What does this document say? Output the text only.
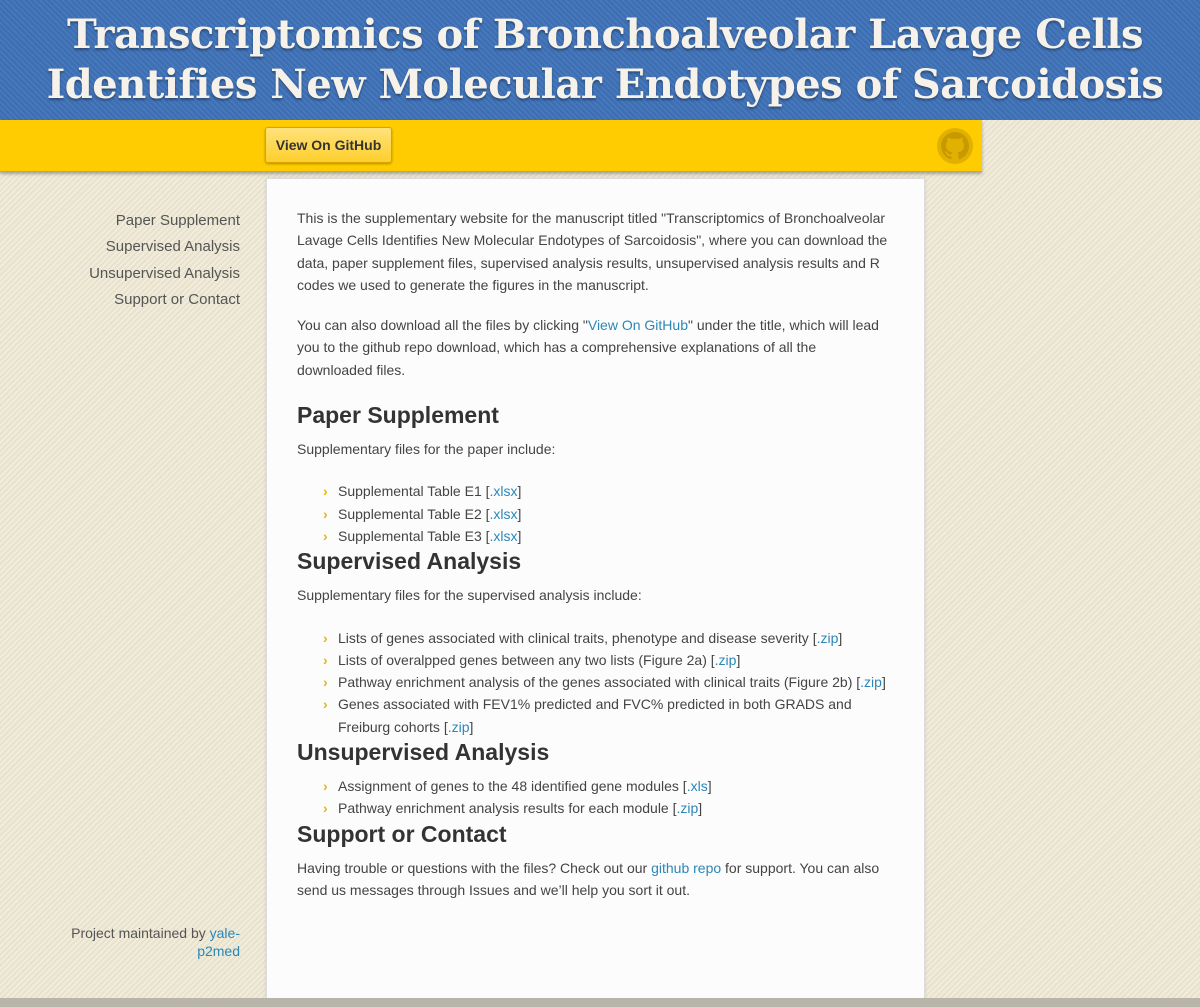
Transcriptomics of Bronchoalveolar Lavage Cells Identifies New Molecular Endotypes of Sarcoidosis
View On GitHub
Paper Supplement
Supervised Analysis
Unsupervised Analysis
Support or Contact
Project maintained by yale-p2med

This is the supplementary website for the manuscript titled "Transcriptomics of Bronchoalveolar Lavage Cells Identifies New Molecular Endotypes of Sarcoidosis", where you can download the data, paper supplement files, supervised analysis results, unsupervised analysis results and R codes we used to generate the figures in the manuscript.

You can also download all the files by clicking "View On GitHub" under the title, which will lead you to the github repo download, which has a comprehensive explanations of all the downloaded files.

Paper Supplement

Supplementary files for the paper include:

› Supplemental Table E1 [.xlsx]
› Supplemental Table E2 [.xlsx]
› Supplemental Table E3 [.xlsx]
Supervised Analysis

Supplementary files for the supervised analysis include:

› Lists of genes associated with clinical traits, phenotype and disease severity [.zip]
› Lists of overalpped genes between any two lists (Figure 2a) [.zip]
› Pathway enrichment analysis of the genes associated with clinical traits (Figure 2b) [.zip]
› Genes associated with FEV1% predicted and FVC% predicted in both GRADS and Freiburg cohorts [.zip]
Unsupervised Analysis
› Assignment of genes to the 48 identified gene modules [.xls]
› Pathway enrichment analysis results for each module [.zip]
Support or Contact

Having trouble or questions with the files? Check out our github repo for support. You can also send us messages through Issues and we’ll help you sort it out.
